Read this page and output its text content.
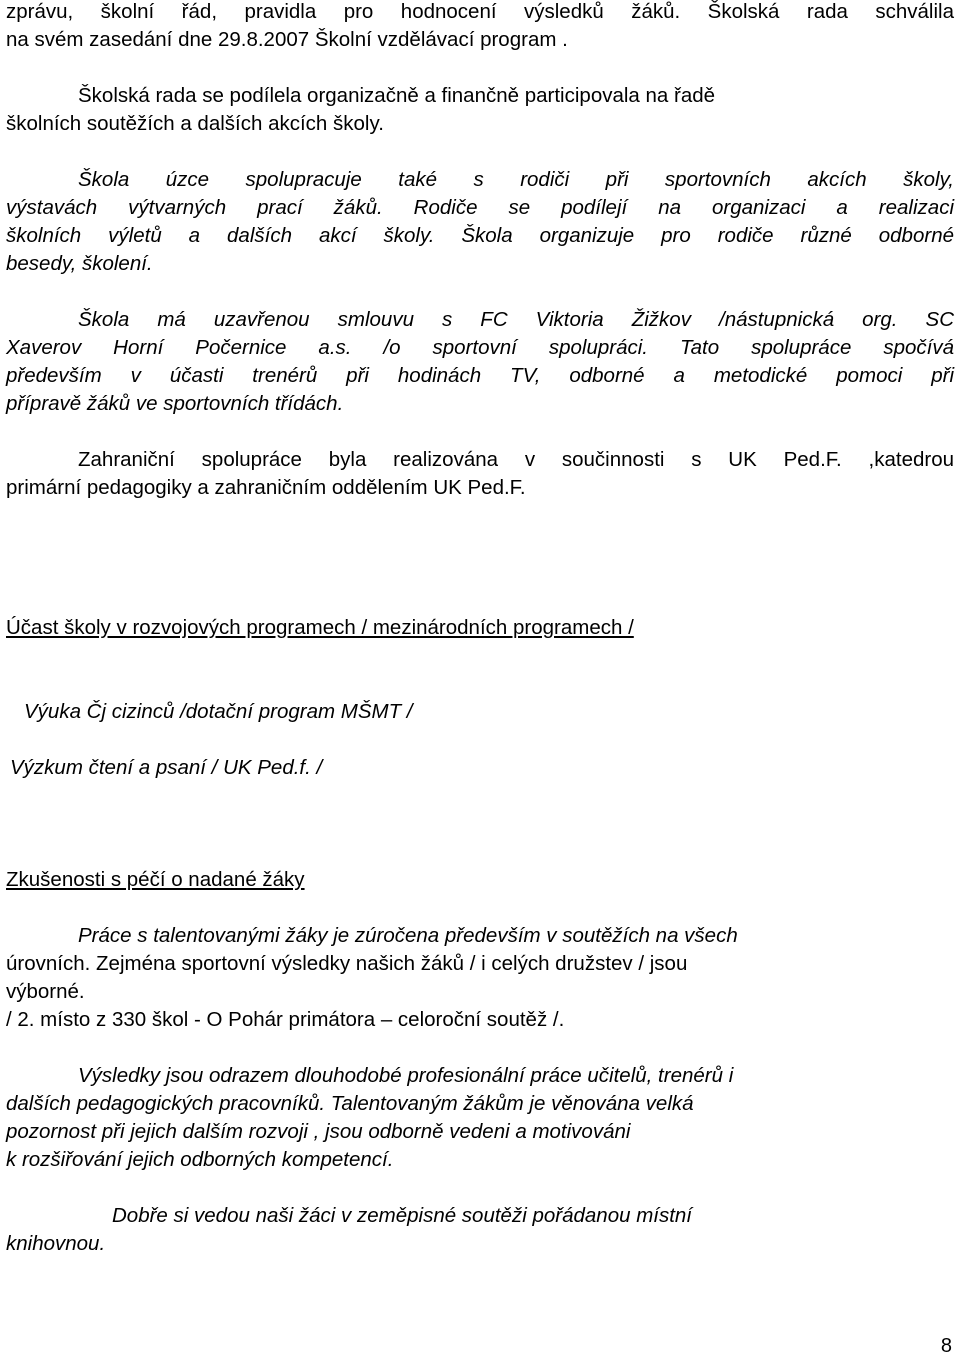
zprávu, školní řád, pravidla pro hodnocení výsledků žáků. Školská rada schválila

na svém zasedání dne 29.8.2007 Školní vzdělávací program .

Školská rada se podílela organizačně a finančně participovala na řadě

školních soutěžích a dalších akcích školy.

Škola úzce spolupracuje také s rodiči při sportovních akcích školy,

výstavách výtvarných prací žáků. Rodiče se podílejí na organizaci a realizaci

školních výletů a dalších akcí školy. Škola organizuje pro rodiče různé odborné

besedy, školení.

Škola má uzavřenou smlouvu s FC Viktoria Žižkov /nástupnická org. SC

Xaverov Horní Počernice a.s. /o sportovní spolupráci. Tato spolupráce spočívá

především v účasti trenérů při hodinách TV, odborné a metodické pomoci při

přípravě žáků ve sportovních třídách.

Zahraniční spolupráce byla realizována v součinnosti s UK Ped.F. ,katedrou

primární pedagogiky a zahraničním oddělením UK Ped.F.

Účast školy v rozvojových programech / mezinárodních programech /

Výuka Čj cizinců /dotační program MŠMT /

Výzkum čtení a psaní / UK Ped.f. /

Zkušenosti s péčí o nadané žáky

Práce s talentovanými žáky je zúročena především v soutěžích na všech

úrovních. Zejména sportovní výsledky našich žáků / i celých družstev / jsou

výborné.

/ 2. místo z 330 škol - O Pohár primátora – celoroční soutěž /.

Výsledky jsou odrazem dlouhodobé profesionální práce učitelů, trenérů i

dalších pedagogických pracovníků. Talentovaným žákům je věnována velká

pozornost při jejich dalším rozvoji , jsou odborně vedeni a motivováni

k rozšiřování jejich odborných kompetencí.

Dobře si vedou naši žáci v zeměpisné soutěži pořádanou místní

knihovnou.

8
